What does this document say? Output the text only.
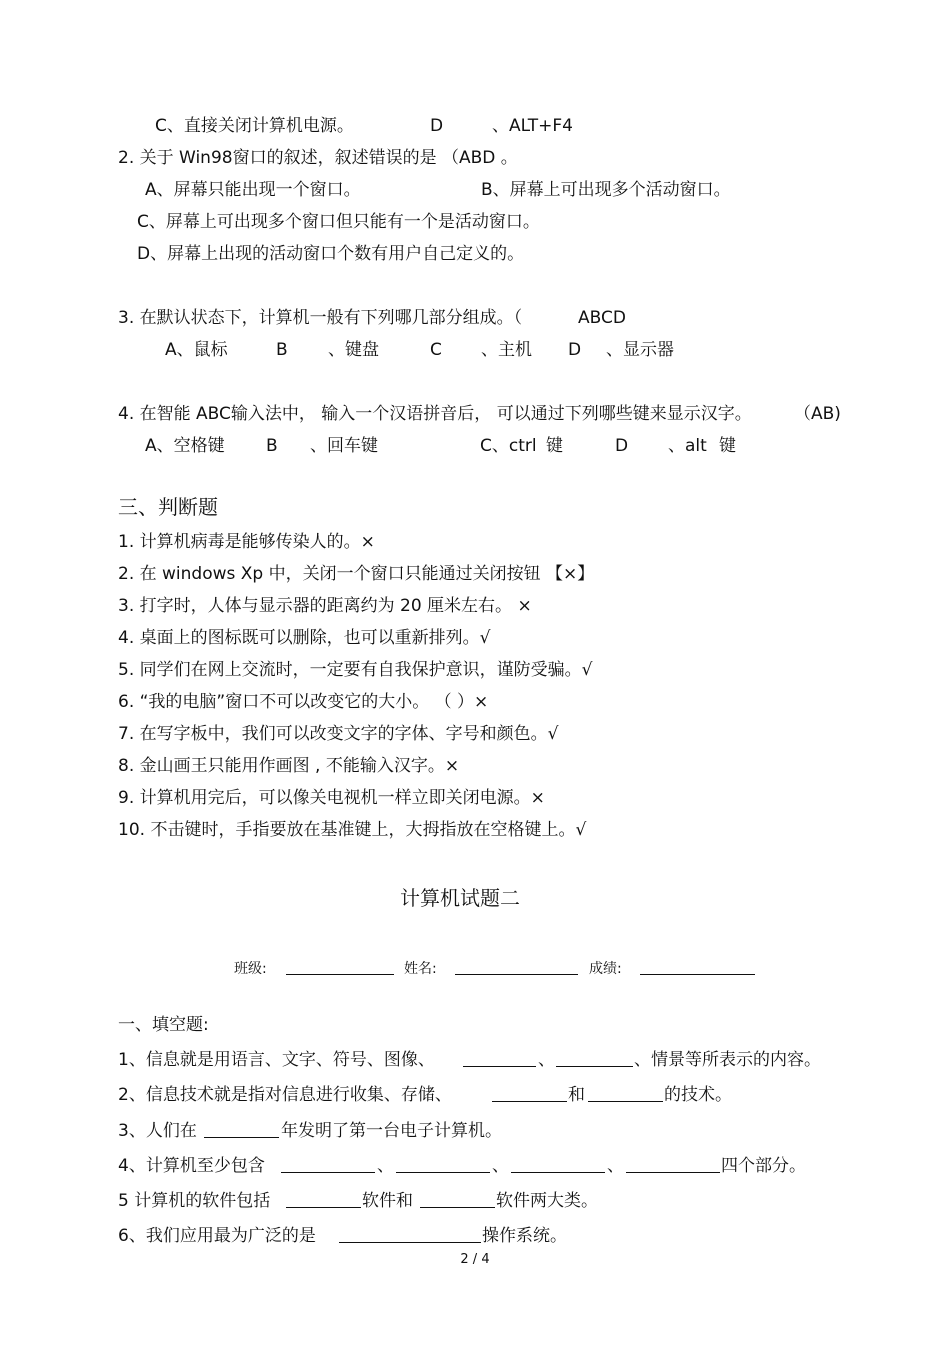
C、直接关闭计算机电源。	D	、ALT+F4
2. 关于 Win98窗口的叙述，叙述错误的是 （ABD 。
A、屏幕只能出现一个窗口。	B、屏幕上可出现多个活动窗口。
C、屏幕上可出现多个窗口但只能有一个是活动窗口。
D、屏幕上出现的活动窗口个数有用户自己定义的。
3. 在默认状态下，计算机一般有下列哪几部分组成。（	ABCD
A、鼠标	B 、键盘	C 、主机 D 、显示器
4. 在智能 ABC输入法中， 输入一个汉语拼音后， 可以通过下列哪些键来显示汉字。 （AB)
A、空格键 B 、回车键	C、ctrl 键	D 、alt 键
三、判断题
1. 计算机病毒是能够传染人的。×
2. 在 windows Xp 中，关闭一个窗口只能通过关闭按钮 【×】
3. 打字时，人体与显示器的距离约为 20 厘米左右。 ×
4. 桌面上的图标既可以删除，也可以重新排列。√
5. 同学们在网上交流时，一定要有自我保护意识，谨防受骗。√
6. “我的电脑”窗口不可以改变它的大小。 （ ）×
7. 在写字板中，我们可以改变文字的字体、字号和颜色。√
8. 金山画王只能用作画图 , 不能输入汉字。×
9. 计算机用完后，可以像关电视机一样立即关闭电源。×
10. 不击键时，手指要放在基准键上，大拇指放在空格键上。√
计算机试题二
班级:	姓名:	成绩:
一、填空题:
1、信息就是用语言、文字、符号、图像、	、	、情景等所表示的内容。
2、信息技术就是指对信息进行收集、存储、	和	的技术。
3、人们在	年发明了第一台电子计算机。
4、计算机至少包含	、	、	、	四个部分。
5 计算机的软件包括	软件和	软件两大类。
6、我们应用最为广泛的是	操作系统。
2 / 4
